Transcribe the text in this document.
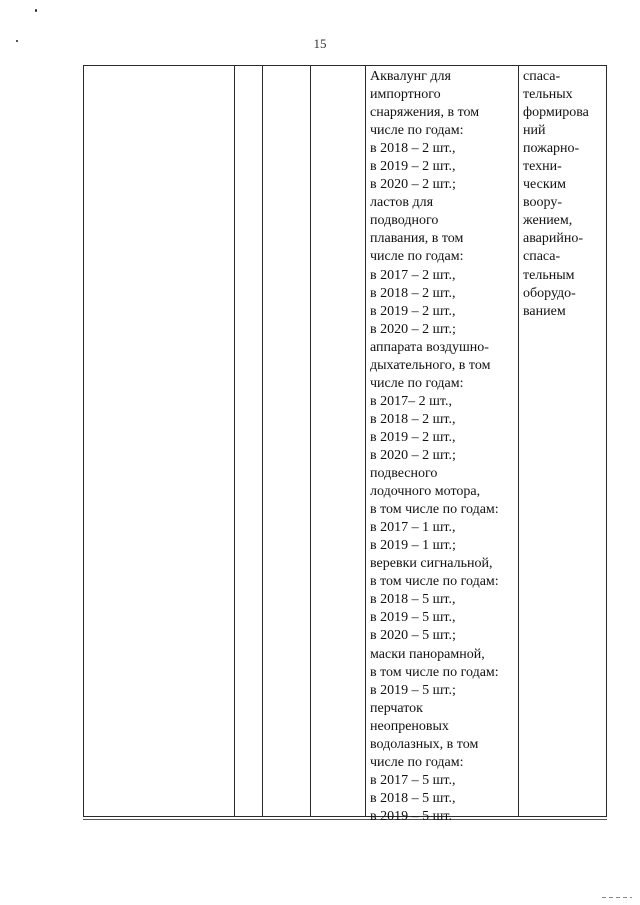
15
Аквалунг для
импортного
снаряжения, в том
числе по годам:
в 2018 – 2 шт.,
в 2019 – 2 шт.,
в 2020 – 2 шт.;
ластов для
подводного
плавания, в том
числе по годам:
в 2017 – 2 шт.,
в 2018 – 2 шт.,
в 2019 – 2 шт.,
в 2020 – 2 шт.;
аппарата воздушно-
дыхательного, в том
числе по годам:
в 2017– 2 шт.,
в 2018 – 2 шт.,
в 2019 – 2 шт.,
в 2020 – 2 шт.;
подвесного
лодочного мотора,
в том числе по годам:
в 2017 – 1 шт.,
в 2019 – 1 шт.;
веревки сигнальной,
в том числе по годам:
в 2018 – 5 шт.,
в 2019 – 5 шт.,
в 2020 – 5 шт.;
маски панорамной,
в том числе по годам:
в 2019 – 5 шт.;
перчаток
неопреновых
водолазных, в том
числе по годам:
в 2017 – 5 шт.,
в 2018 – 5 шт.,
в 2019 – 5 шт.
спаса-
тельных
формирова
ний
пожарно-
техни-
ческим
воору-
жением,
аварийно-
спаса-
тельным
оборудо-
ванием
